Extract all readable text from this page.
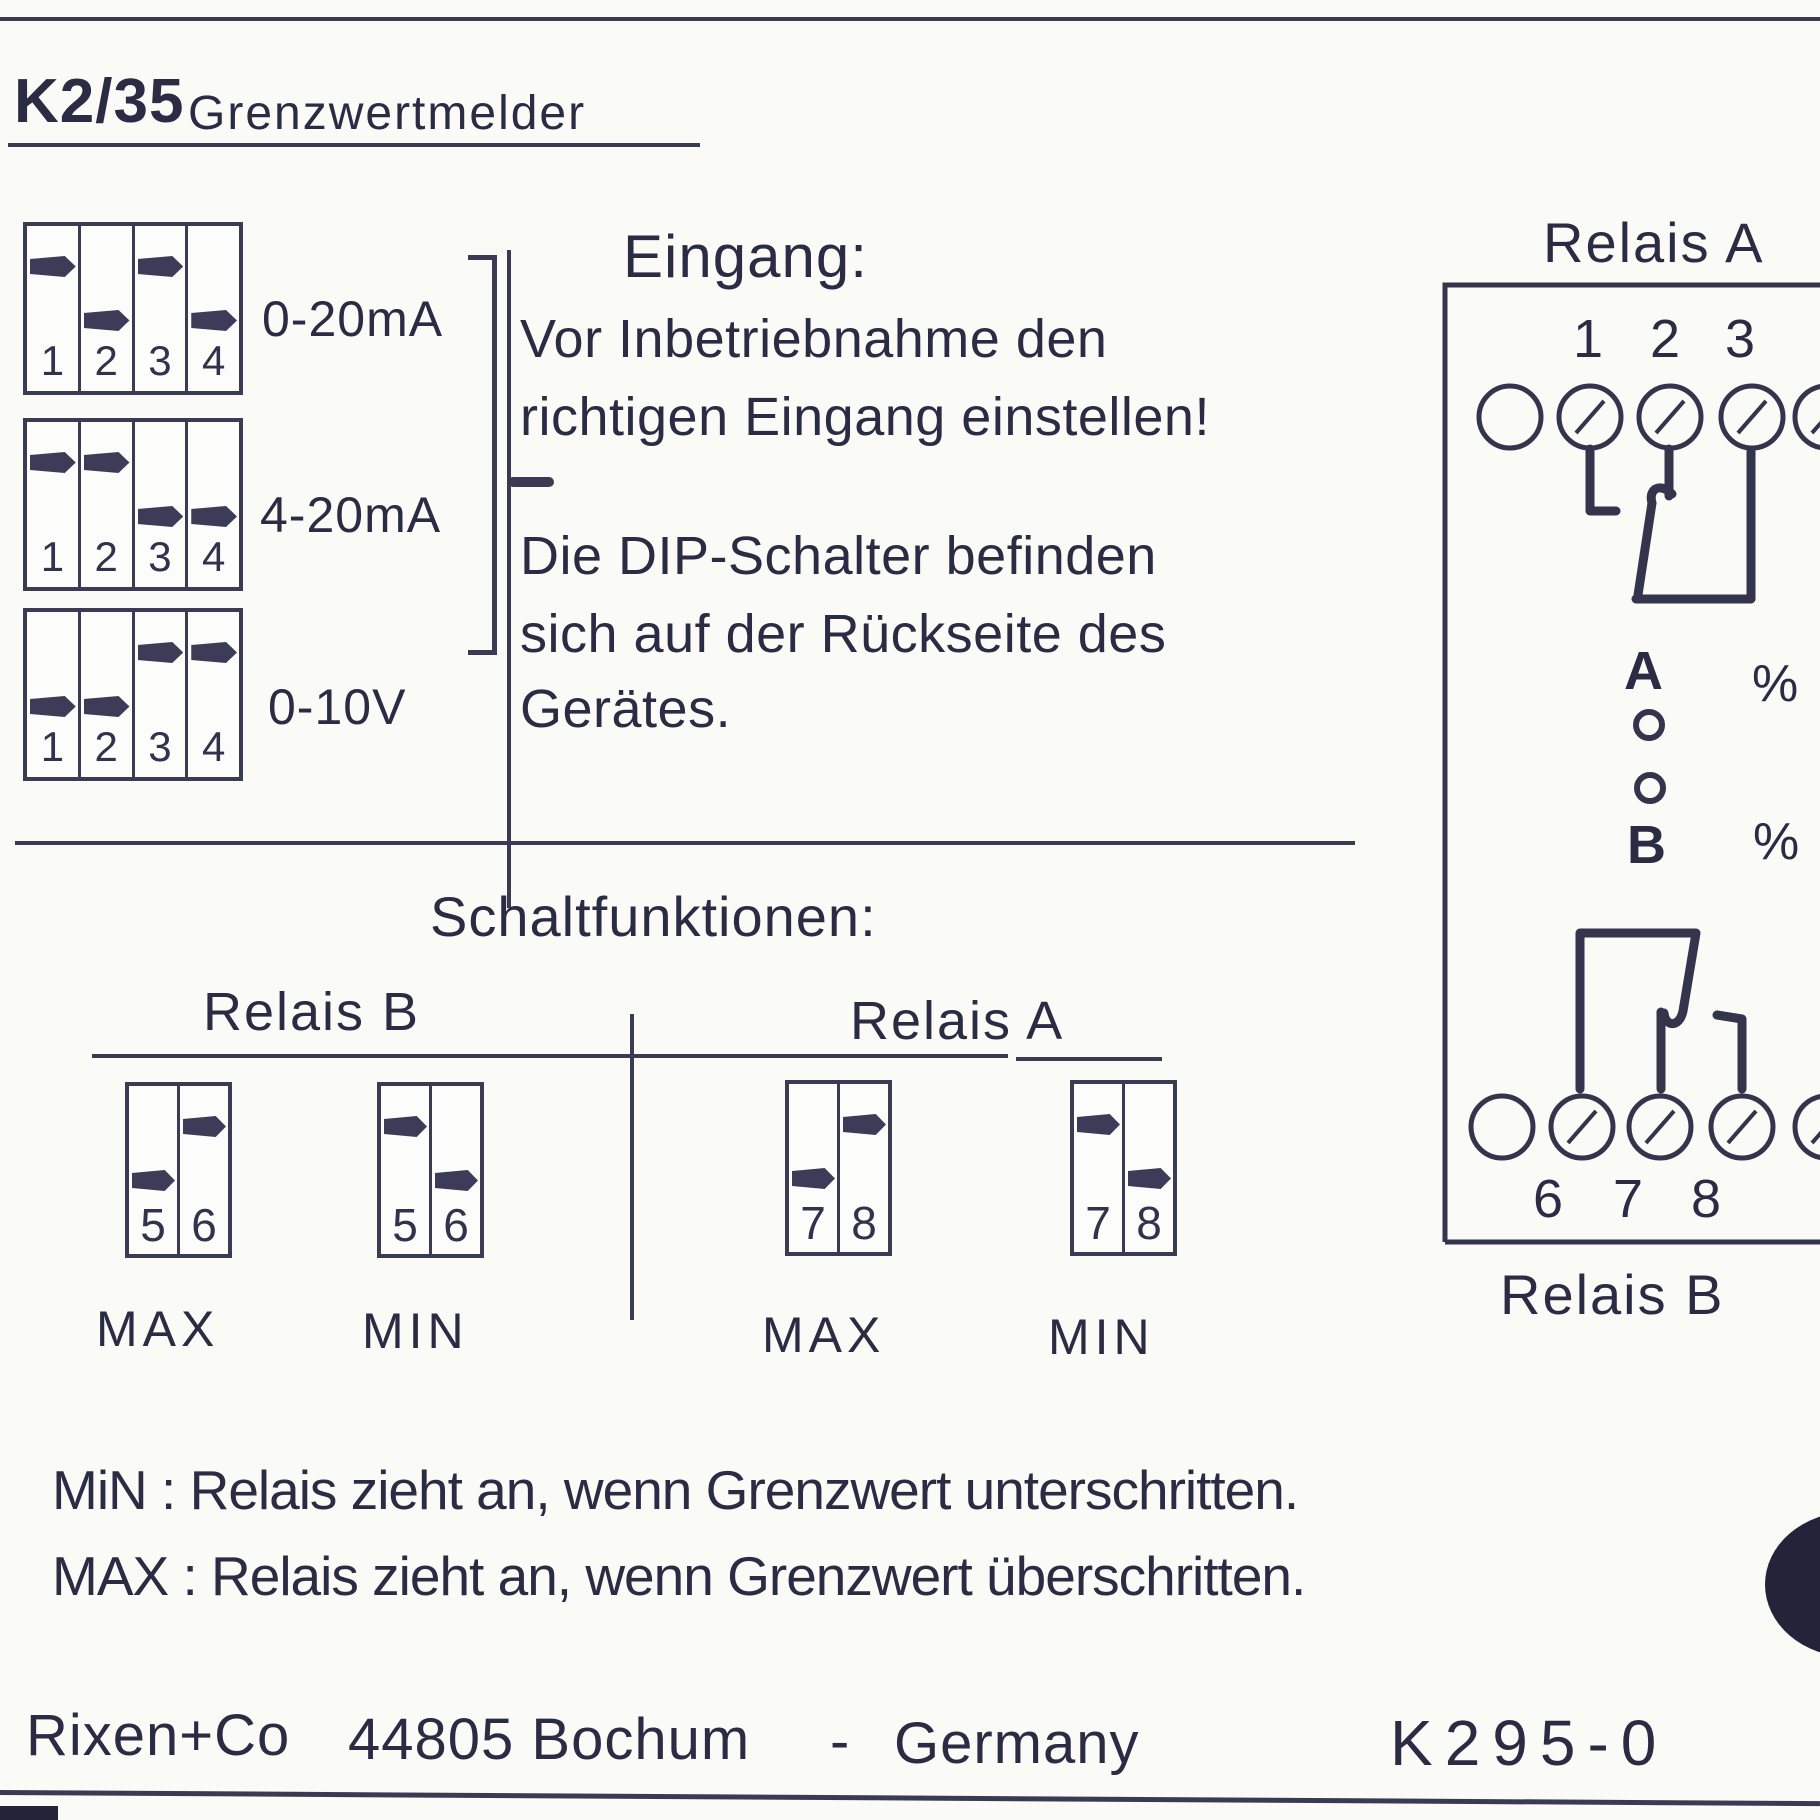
K2/35 Grenzwertmelder
1 2 3 4
0-20mA
1 2 3 4
4-20mA
1 2 3 4
0-10V
Eingang:
Vor Inbetriebnahme den
richtigen Eingang einstellen!
Die DIP-Schalter befinden
sich auf der Rückseite des
Gerätes.
Schaltfunktionen:
Relais B	Relais A
5 6
MAX
5 6
MIN
7 8
MAX
7 8
MIN
Relais A
1 2 3
A %
B %
6 7 8
Relais B
MiN : Relais zieht an, wenn Grenzwert unterschritten.
MAX : Relais zieht an, wenn Grenzwert überschritten.
Rixen+Co 44805 Bochum - Germany	K295-0
